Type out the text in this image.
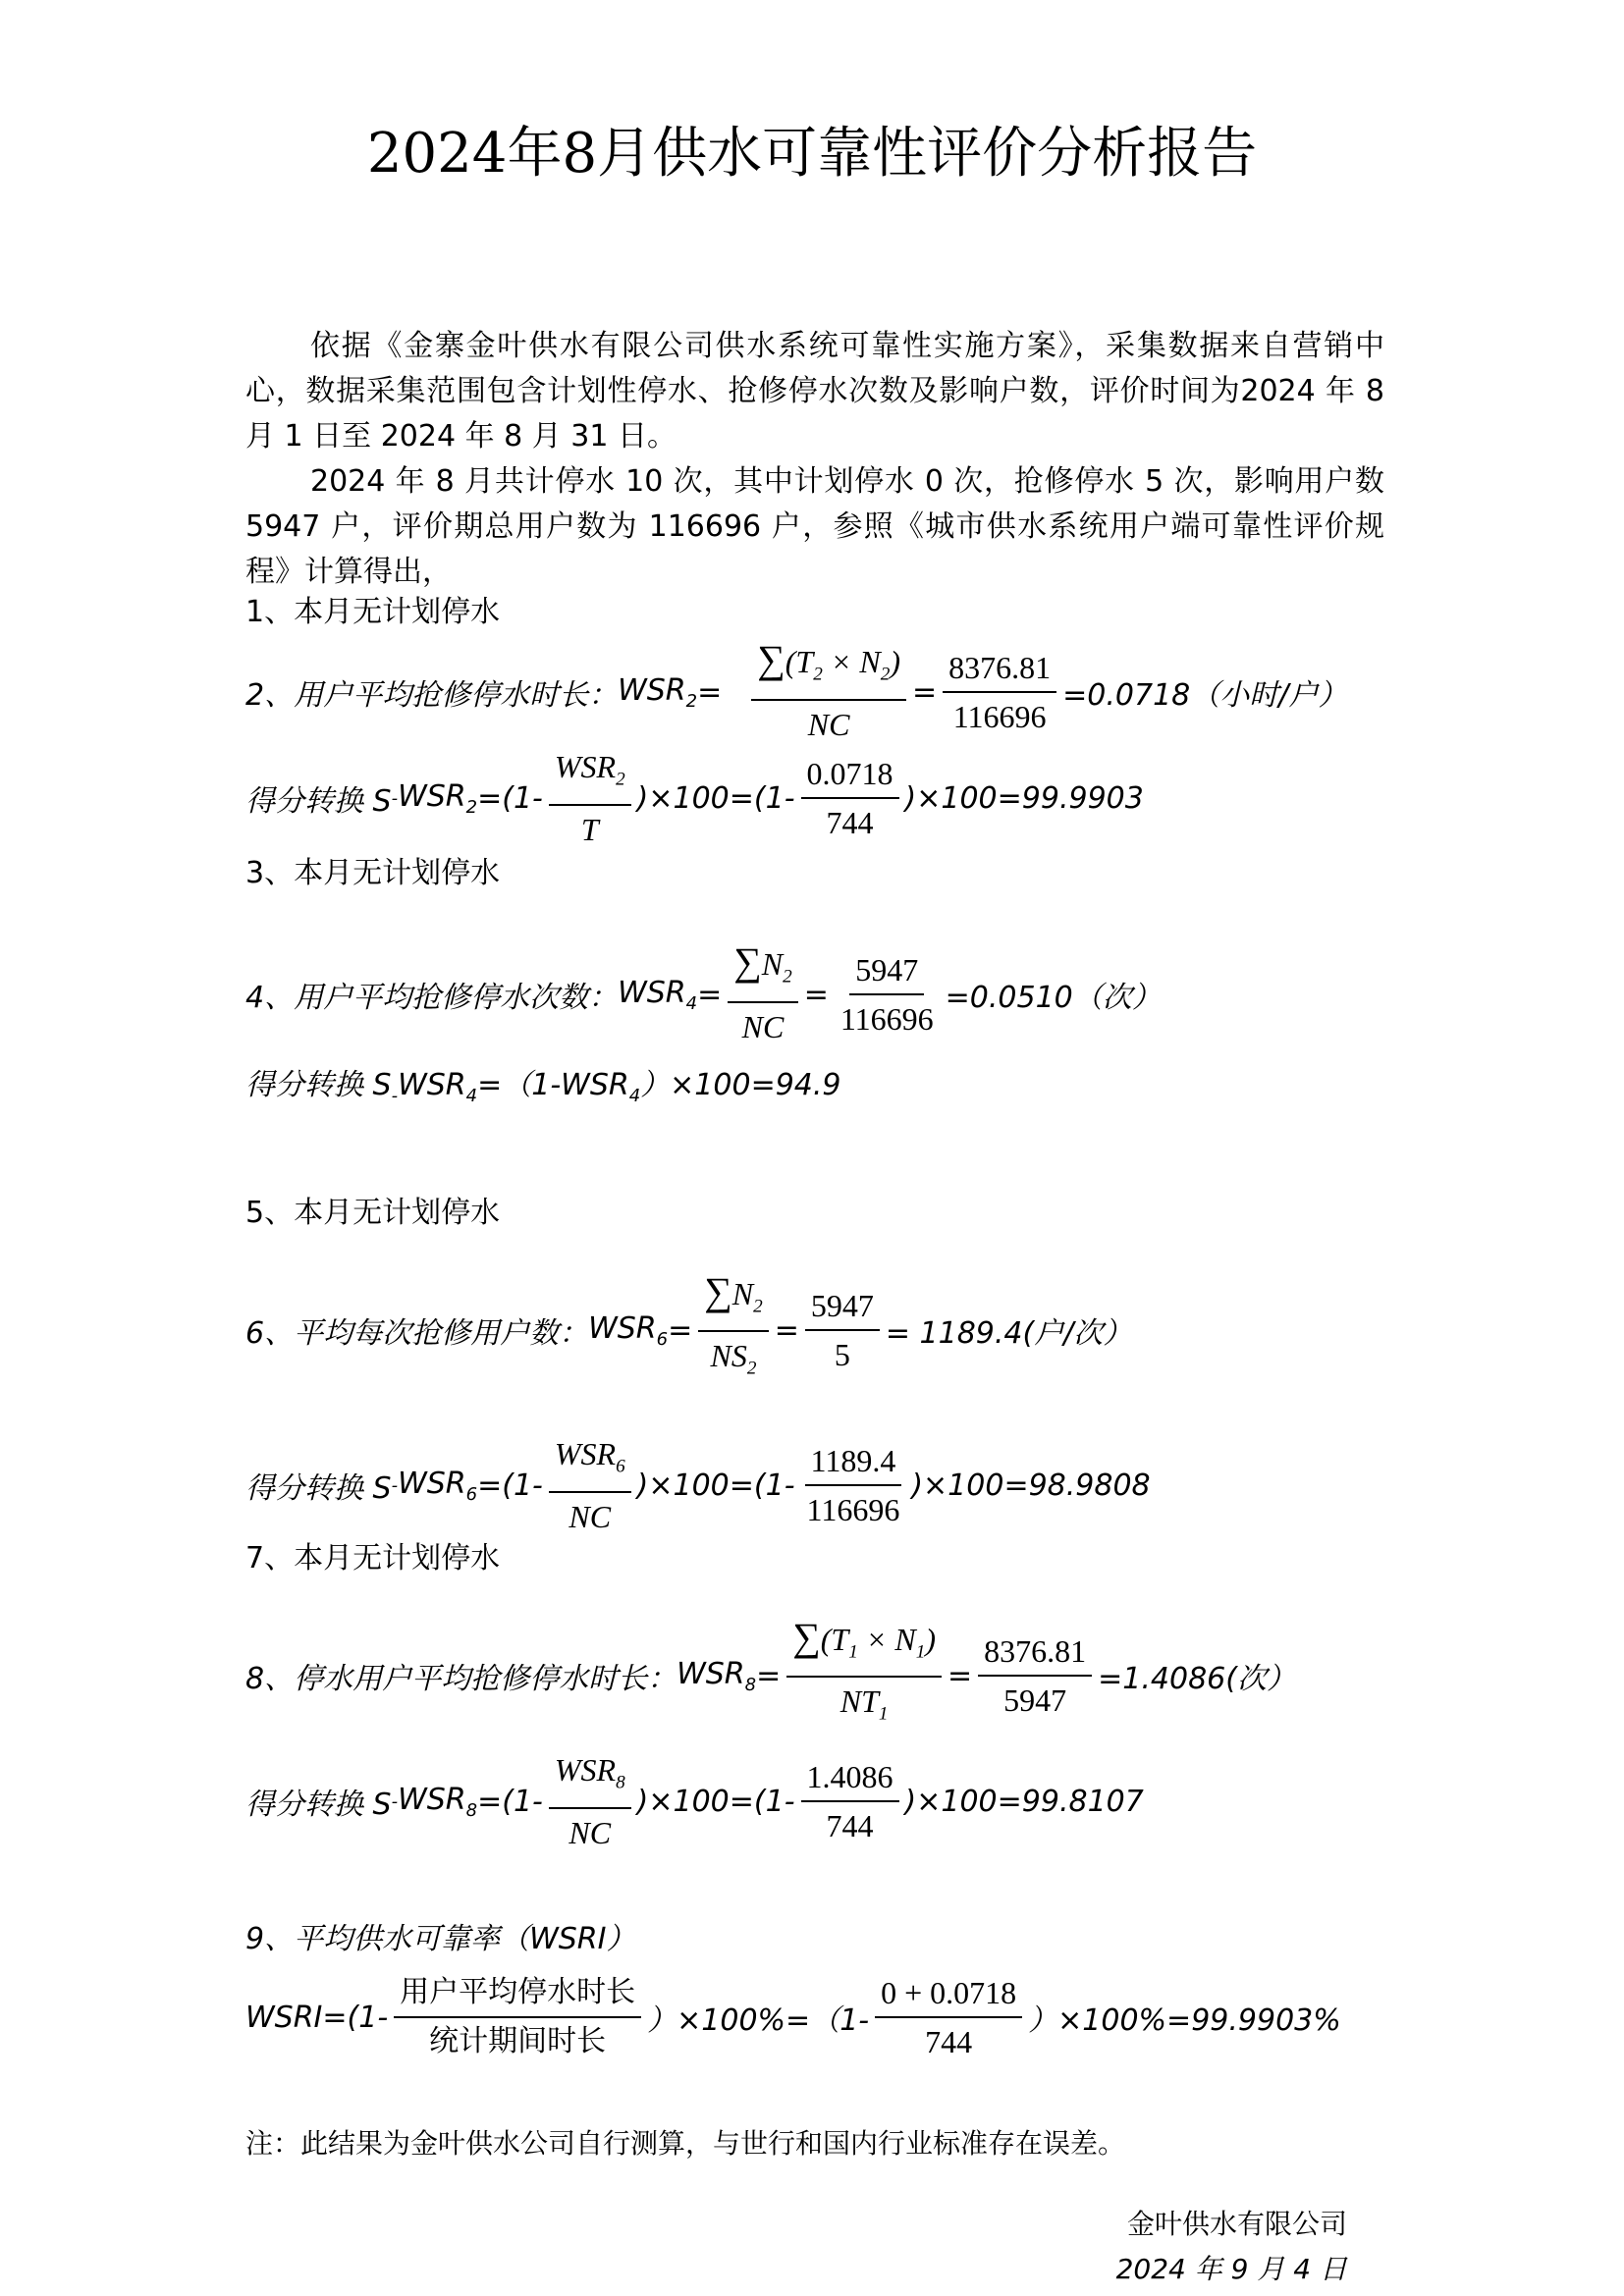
2024年8月供水可靠性评价分析报告

依据《金寨金叶供水有限公司供水系统可靠性实施方案》，采集数据来自营销中心，数据采集范围包含计划性停水、抢修停水次数及影响户数，评价时间为2024 年 8 月 1 日至 2024 年 8 月 31 日。

2024 年 8 月共计停水 10 次，其中计划停水 0 次，抢修停水 5 次，影响用户数 5947 户，评价期总用户数为 116696 户，参照《城市供水系统用户端可靠性评价规程》计算得出，

1、本月无计划停水
2、用户平均抢修停水时长： $WSR_2 = \frac{\sum(T_2 \times N_2)}{NC} = \frac{8376.81}{116696} =0.0718$（小时/户）
得分转换 $S - WSR_2 =(1- \frac{WSR_2}{T} )\times 100=(1- \frac{0.0718}{744} )\times 100=99.9903$
3、本月无计划停水
4、用户平均抢修停水次数： $WSR_4 = \frac{\sum N_2}{NC} = \frac{5947}{116696} =0.0510$（次）
得分转换 $S_-WSR_4=(1-WSR_4)\times 100=94.9$
5、本月无计划停水
6、平均每次抢修用户数： $WSR_6 = \frac{\sum N_2}{NS_2} = \frac{5947}{5} = 1189.4$(户/次）
得分转换 $S - WSR_6 =(1- \frac{WSR_6}{NC} )\times 100=(1- \frac{1189.4}{116696} )\times 100=98.9808$
7、本月无计划停水
8、停水用户平均抢修停水时长： $WSR_8 = \frac{\sum(T_1 \times N_1)}{NT_1} = \frac{8376.81}{5947} =1.4086$(次）
得分转换 $S - WSR_8 =(1- \frac{WSR_8}{NC} )\times 100=(1- \frac{1.4086}{744} )\times 100=99.8107$
9、平均供水可靠率（WSRI）
WSRI=(1- $\frac{\text{用户平均停水时长}}{\text{统计期间时长}} )\times 100\%=(1- \frac{0 + 0.0718}{744} )\times 100\%=99.9903\%$
注：此结果为金叶供水公司自行测算，与世行和国内行业标准存在误差。
金叶供水有限公司
2024 年 9 月 4 日
